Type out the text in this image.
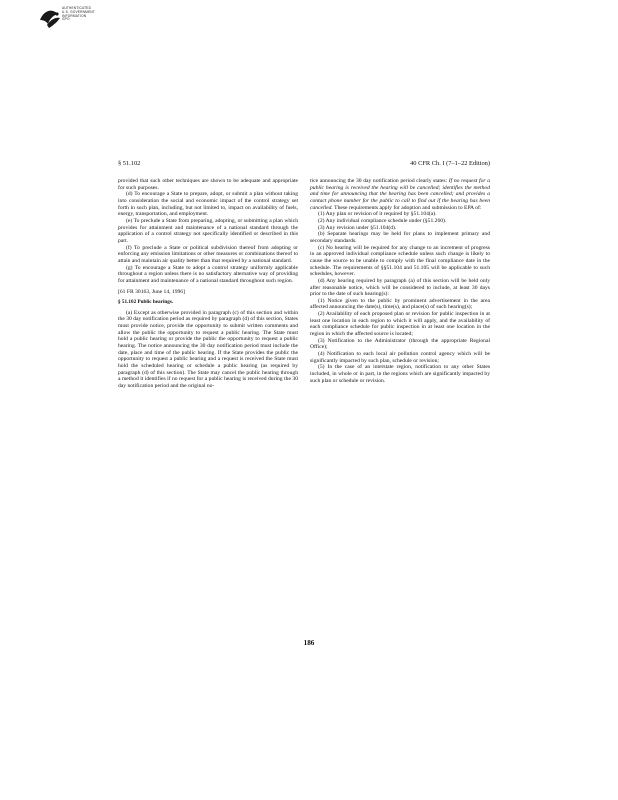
AUTHENTICATED
U.S. GOVERNMENT
INFORMATION
GPO
§ 51.102	40 CFR Ch. I (7–1–22 Edition)

provided that such other techniques are shown to be adequate and appropriate for such purposes.

(d) To encourage a State to prepare, adopt, or submit a plan without taking into consideration the social and economic impact of the control strategy set forth in such plan, including, but not limited to, impact on availability of fuels, energy, transportation, and employment.

(e) To preclude a State from preparing, adopting, or submitting a plan which provides for attainment and maintenance of a national standard through the application of a control strategy not specifically identified or described in this part.

(f) To preclude a State or political subdivision thereof from adopting or enforcing any emission limitations or other measures or combinations thereof to attain and maintain air quality better than that required by a national standard.

(g) To encourage a State to adopt a control strategy uniformly applicable throughout a region unless there is no satisfactory alternative way of providing for attainment and maintenance of a national standard throughout such region.

[61 FR 30163, June 14, 1996]

§ 51.102 Public hearings.

(a) Except as otherwise provided in paragraph (c) of this section and within the 30 day notification period as required by paragraph (d) of this section, States must provide notice, provide the opportunity to submit written comments and allow the public the opportunity to request a public hearing. The State must hold a public hearing or provide the public the opportunity to request a public hearing. The notice announcing the 30 day notification period must include the date, place and time of the public hearing. If the State provides the public the opportunity to request a public hearing and a request is received the State must hold the scheduled hearing or schedule a public hearing (as required by paragraph (d) of this section). The State may cancel the public hearing through a method it identifies if no request for a public hearing is received during the 30 day notification period and the original no-

tice announcing the 30 day notification period clearly states: If no request for a public hearing is received the hearing will be cancelled; identifies the method and time for announcing that the hearing has been cancelled; and provides a contact phone number for the public to call to find out if the hearing has been cancelled. These requirements apply for adoption and submission to EPA of:

(1) Any plan or revision of it required by §51.104(a).

(2) Any individual compliance schedule under (§51.260).

(3) Any revision under §51.104(d).

(b) Separate hearings may be held for plans to implement primary and secondary standards.

(c) No hearing will be required for any change to an increment of progress in an approved individual compliance schedule unless such change is likely to cause the source to be unable to comply with the final compliance date in the schedule. The requirements of §§51.104 and 51.105 will be applicable to such schedules, however.

(d) Any hearing required by paragraph (a) of this section will be held only after reasonable notice, which will be considered to include, at least 30 days prior to the date of such hearing(s):

(1) Notice given to the public by prominent advertisement in the area affected announcing the date(s), time(s), and place(s) of such hearing(s);

(2) Availability of each proposed plan or revision for public inspection in at least one location in each region to which it will apply, and the availability of each compliance schedule for public inspection in at least one location in the region in which the affected source is located;

(3) Notification to the Administrator (through the appropriate Regional Office);

(4) Notification to each local air pollution control agency which will be significantly impacted by such plan, schedule or revision;

(5) In the case of an interstate region, notification to any other States included, in whole or in part, in the regions which are significantly impacted by such plan or schedule or revision.

186
